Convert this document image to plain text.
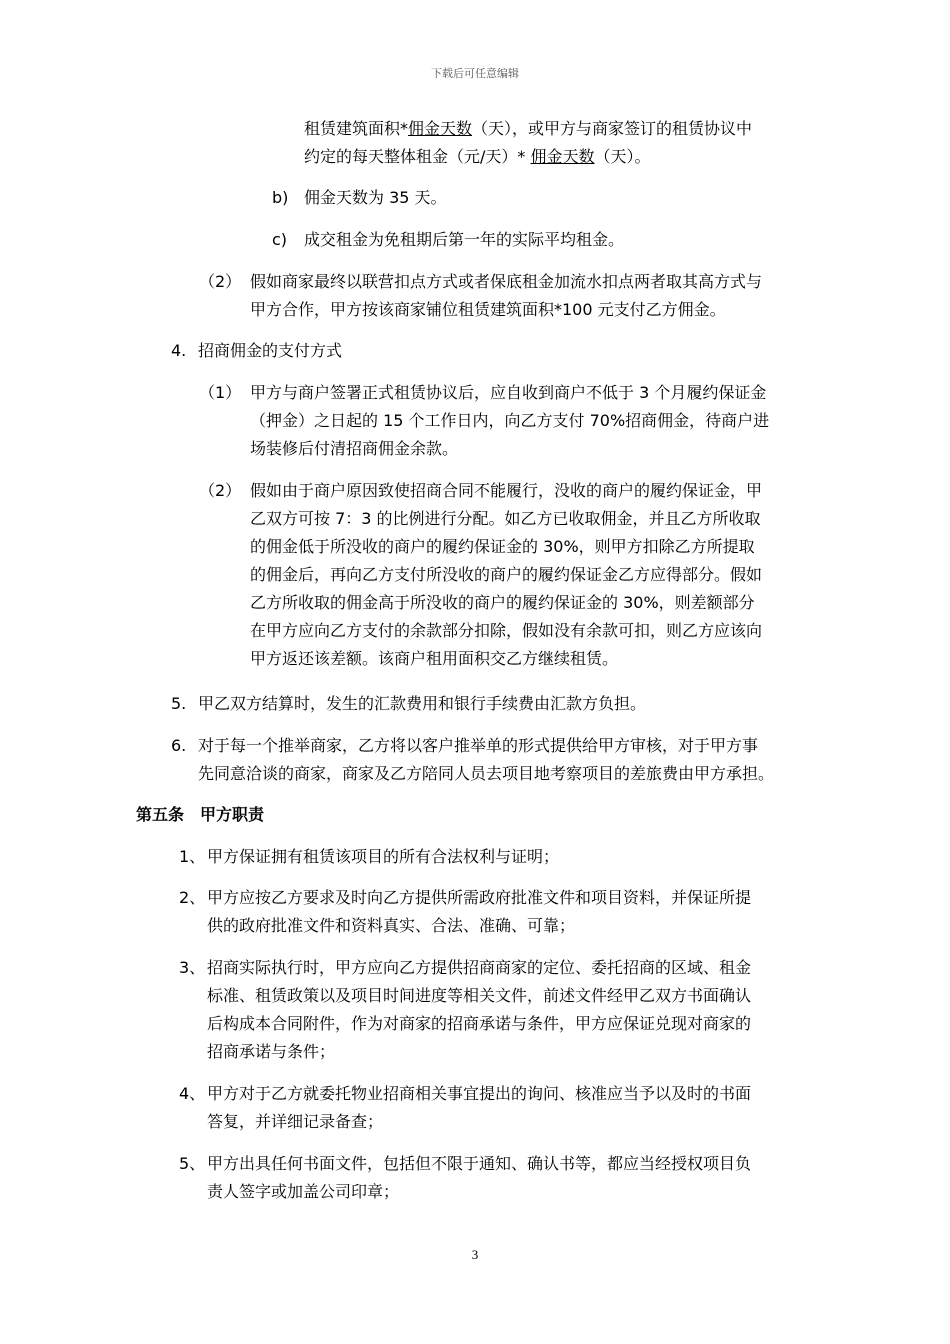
下载后可任意编辑
租赁建筑面积*佣金天数（天），或甲方与商家签订的租赁协议中
约定的每天整体租金（元/天）* 佣金天数（天）。
b) 佣金天数为 35 天。
c) 成交租金为免租期后第一年的实际平均租金。
（2） 假如商家最终以联营扣点方式或者保底租金加流水扣点两者取其高方式与
甲方合作，甲方按该商家铺位租赁建筑面积*100 元支付乙方佣金。
4. 招商佣金的支付方式
（1） 甲方与商户签署正式租赁协议后，应自收到商户不低于 3 个月履约保证金
（押金）之日起的 15 个工作日内，向乙方支付 70%招商佣金，待商户进
场装修后付清招商佣金余款。
（2） 假如由于商户原因致使招商合同不能履行，没收的商户的履约保证金，甲
乙双方可按 7：3 的比例进行分配。如乙方已收取佣金，并且乙方所收取
的佣金低于所没收的商户的履约保证金的 30%，则甲方扣除乙方所提取
的佣金后，再向乙方支付所没收的商户的履约保证金乙方应得部分。假如
乙方所收取的佣金高于所没收的商户的履约保证金的 30%，则差额部分
在甲方应向乙方支付的余款部分扣除，假如没有余款可扣，则乙方应该向
甲方返还该差额。该商户租用面积交乙方继续租赁。
5. 甲乙双方结算时，发生的汇款费用和银行手续费由汇款方负担。
6. 对于每一个推举商家，乙方将以客户推举单的形式提供给甲方审核，对于甲方事
先同意洽谈的商家，商家及乙方陪同人员去项目地考察项目的差旅费由甲方承担。
第五条 甲方职责
1、 甲方保证拥有租赁该项目的所有合法权利与证明；
2、 甲方应按乙方要求及时向乙方提供所需政府批准文件和项目资料，并保证所提
供的政府批准文件和资料真实、合法、准确、可靠；
3、 招商实际执行时，甲方应向乙方提供招商商家的定位、委托招商的区域、租金
标准、租赁政策以及项目时间进度等相关文件，前述文件经甲乙双方书面确认
后构成本合同附件，作为对商家的招商承诺与条件，甲方应保证兑现对商家的
招商承诺与条件；
4、 甲方对于乙方就委托物业招商相关事宜提出的询问、核准应当予以及时的书面
答复，并详细记录备查；
5、 甲方出具任何书面文件，包括但不限于通知、确认书等，都应当经授权项目负
责人签字或加盖公司印章；
3
